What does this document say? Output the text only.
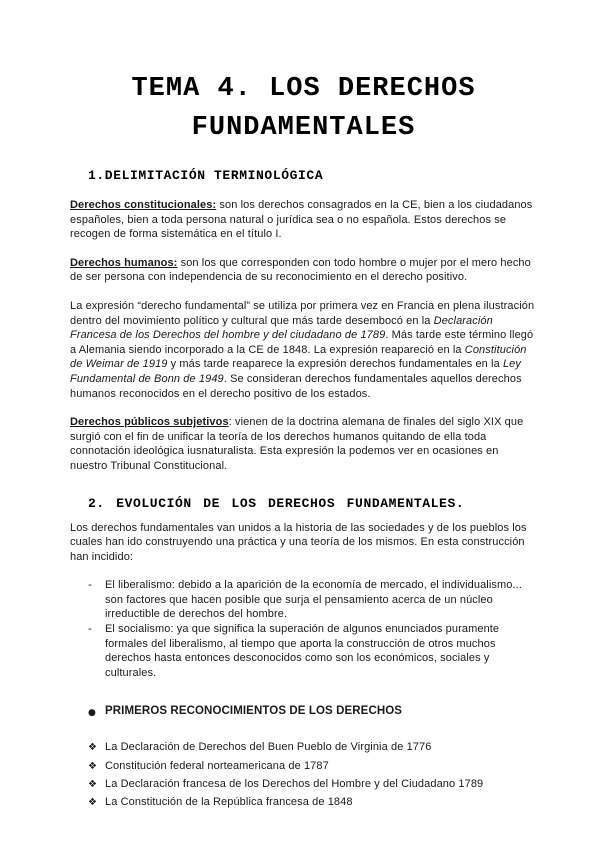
TEMA 4. LOS DERECHOS
FUNDAMENTALES
1.DELIMITACIÓN TERMINOLÓGICA

Derechos constitucionales: son los derechos consagrados en la CE, bien a los ciudadanos españoles, bien a toda persona natural o jurídica sea o no española. Estos derechos se recogen de forma sistemática en el título I.

Derechos humanos: son los que corresponden con todo hombre o mujer por el mero hecho de ser persona con independencia de su reconocimiento en el derecho positivo.

La expresión “derecho fundamental” se utiliza por primera vez en Francia en plena ilustración dentro del movimiento político y cultural que más tarde desembocó en la Declaración Francesa de los Derechos del hombre y del ciudadano de 1789. Más tarde este término llegó a Alemania siendo incorporado a la CE de 1848. La expresión reapareció en la Constitución de Weimar de 1919 y más tarde reaparece la expresión derechos fundamentales en la Ley Fundamental de Bonn de 1949. Se consideran derechos fundamentales aquellos derechos humanos reconocidos en el derecho positivo de los estados.

Derechos públicos subjetivos: vienen de la doctrina alemana de finales del siglo XIX que surgió con el fin de unificar la teoría de los derechos humanos quitando de ella toda connotación ideológica iusnaturalista. Esta expresión la podemos ver en ocasiones en nuestro Tribunal Constitucional.

2. EVOLUCIÓN DE LOS DERECHOS FUNDAMENTALES.

Los derechos fundamentales van unidos a la historia de las sociedades y de los pueblos los cuales han ido construyendo una práctica y una teoría de los mismos. En esta construcción han incidido:

-	El liberalismo: debido a la aparición de la economía de mercado, el individualismo... son factores que hacen posible que surja el pensamiento acerca de un núcleo irreductible de derechos del hombre.
-	El socialismo: ya que significa la superación de algunos enunciados puramente formales del liberalismo, al tiempo que aporta la construcción de otros muchos derechos hasta entonces desconocidos como son los económicos, sociales y culturales.
● PRIMEROS RECONOCIMIENTOS DE LOS DERECHOS
❖ La Declaración de Derechos del Buen Pueblo de Virginia de 1776
❖ Constitución federal norteamericana de 1787
❖ La Declaración francesa de los Derechos del Hombre y del Ciudadano 1789
❖ La Constitución de la República francesa de 1848
